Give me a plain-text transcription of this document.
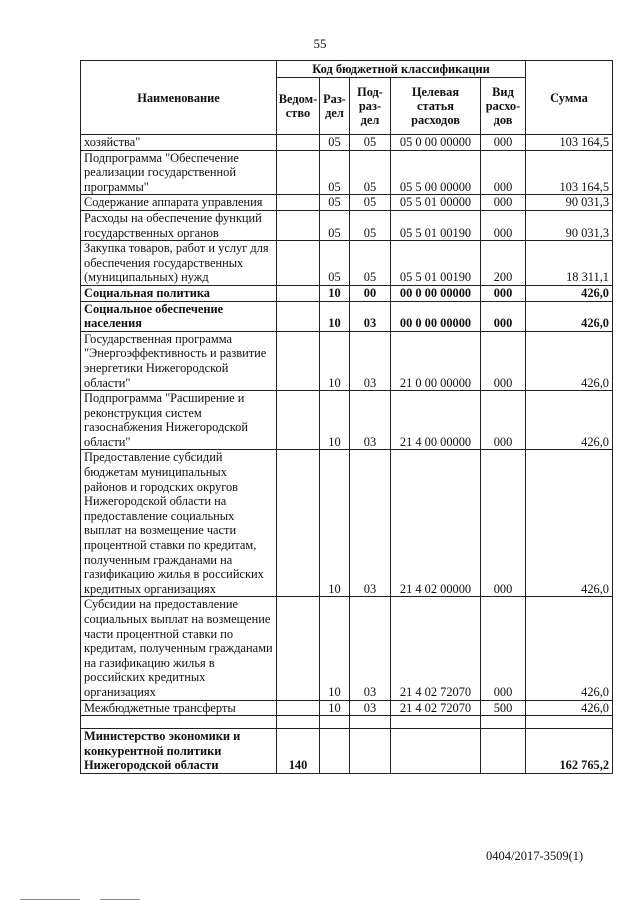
55
Наименование	Код бюджетной классификации					Сумма
	Ведом-ство	Раз-дел	Под-раз-дел	Целевая статья расходов	Вид расхо-дов	
хозяйства"		05	05	05 0 00 00000	000	103 164,5
Подпрограмма "Обеспечение реализации государственной программы"		05	05	05 5 00 00000	000	103 164,5
Содержание аппарата управления		05	05	05 5 01 00000	000	90 031,3
Расходы на обеспечение функций государственных органов		05	05	05 5 01 00190	000	90 031,3
Закупка товаров, работ и услуг для обеспечения государственных (муниципальных) нужд		05	05	05 5 01 00190	200	18 311,1
Социальная политика		10	00	00 0 00 00000	000	426,0
Социальное обеспечение населения		10	03	00 0 00 00000	000	426,0
Государственная программа "Энергоэффективность и развитие энергетики Нижегородской области"		10	03	21 0 00 00000	000	426,0
Подпрограмма "Расширение и реконструкция систем газоснабжения Нижегородской области"		10	03	21 4 00 00000	000	426,0
Предоставление субсидий бюджетам муниципальных районов и городских округов Нижегородской области на предоставление социальных выплат на возмещение части процентной ставки по кредитам, полученным гражданами на газификацию жилья в российских кредитных организациях		10	03	21 4 02 00000	000	426,0
Субсидии на предоставление социальных выплат на возмещение части процентной ставки по кредитам, полученным гражданами на газификацию жилья в российских кредитных организациях		10	03	21 4 02 72070	000	426,0
Межбюджетные трансферты		10	03	21 4 02 72070	500	426,0

Министерство экономики и конкурентной политики Нижегородской области	140					162 765,2
0404/2017-3509(1)
